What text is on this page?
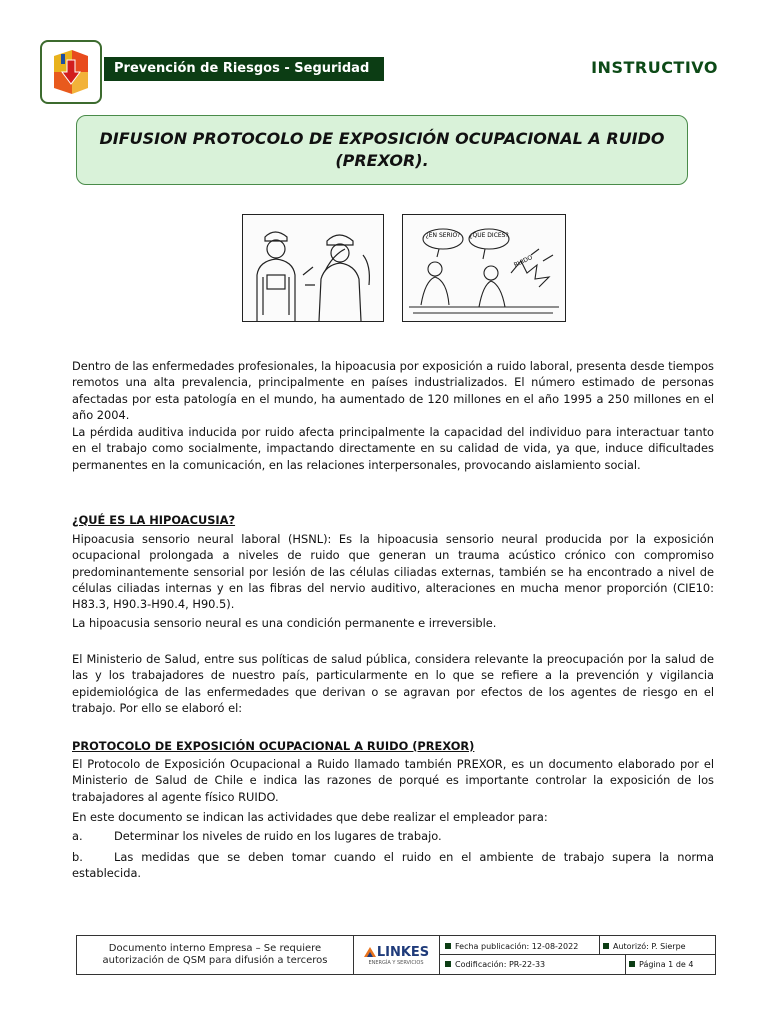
Prevención de Riesgos - Seguridad	INSTRUCTIVO
DIFUSION PROTOCOLO DE EXPOSICIÓN OCUPACIONAL A RUIDO (PREXOR).
¿EN SERIO? ¿QUE DICES?
RUIDO
Dentro de las enfermedades profesionales, la hipoacusia por exposición a ruido laboral, presenta desde tiempos remotos una alta prevalencia, principalmente en países industrializados. El número estimado de personas afectadas por esta patología en el mundo, ha aumentado de 120 millones en el año 1995 a 250 millones en el año 2004.
La pérdida auditiva inducida por ruido afecta principalmente la capacidad del individuo para interactuar tanto en el trabajo como socialmente, impactando directamente en su calidad de vida, ya que, induce dificultades permanentes en la comunicación, en las relaciones interpersonales, provocando aislamiento social.
¿QUÉ ES LA HIPOACUSIA?
Hipoacusia sensorio neural laboral (HSNL): Es la hipoacusia sensorio neural producida por la exposición ocupacional prolongada a niveles de ruido que generan un trauma acústico crónico con compromiso predominantemente sensorial por lesión de las células ciliadas externas, también se ha encontrado a nivel de células ciliadas internas y en las fibras del nervio auditivo, alteraciones en mucha menor proporción (CIE10: H83.3, H90.3-H90.4, H90.5).
La hipoacusia sensorio neural es una condición permanente e irreversible.
El Ministerio de Salud, entre sus políticas de salud pública, considera relevante la preocupación por la salud de las y los trabajadores de nuestro país, particularmente en lo que se refiere a la prevención y vigilancia epidemiológica de las enfermedades que derivan o se agravan por efectos de los agentes de riesgo en el trabajo. Por ello se elaboró el:
PROTOCOLO DE EXPOSICIÓN OCUPACIONAL A RUIDO (PREXOR)
El Protocolo de Exposición Ocupacional a Ruido llamado también PREXOR, es un documento elaborado por el Ministerio de Salud de Chile e indica las razones de porqué es importante controlar la exposición de los trabajadores al agente físico RUIDO.
En este documento se indican las actividades que debe realizar el empleador para:
a.	Determinar los niveles de ruido en los lugares de trabajo.
b.	Las medidas que se deben tomar cuando el ruido en el ambiente de trabajo supera la norma establecida.
Documento interno Empresa – Se requiere
autorización de QSM para difusión a terceros
LINKES
ENERGÍA Y SERVICIOS
Fecha publicación: 12-08-2022	Autorizó: P. Sierpe
Codificación: PR-22-33	Página 1 de 4
